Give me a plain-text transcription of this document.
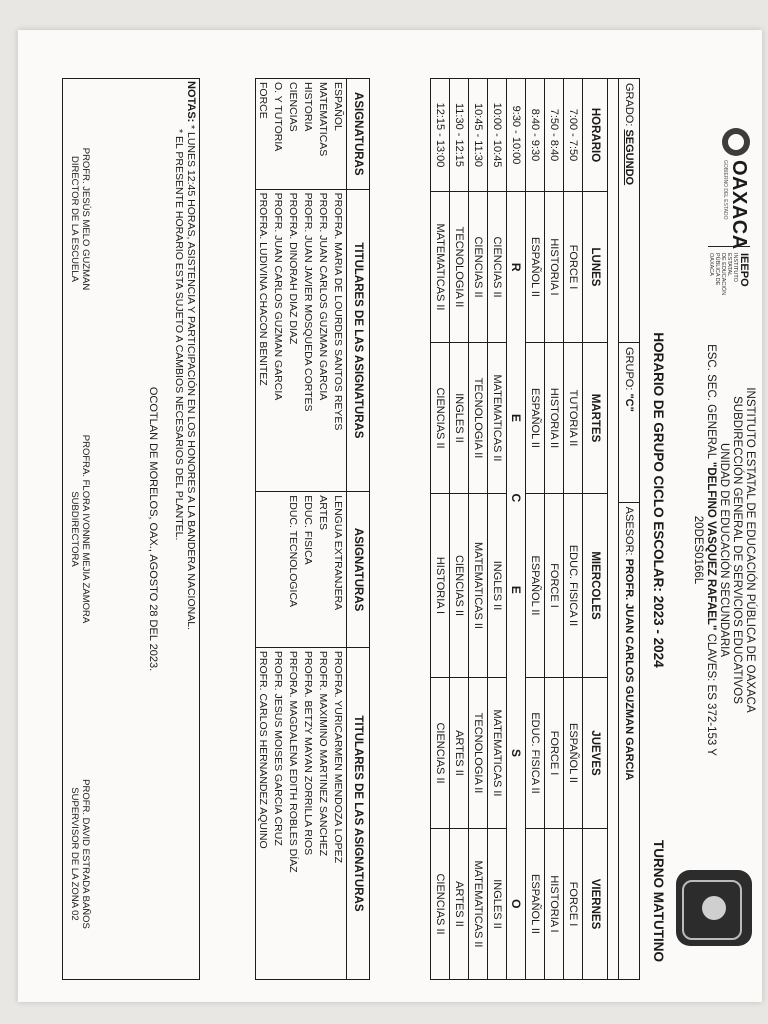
OAXACA
GOBIERNO DEL ESTADO
IEEPO
INSTITUTO ESTATAL
DE EDUCACIÓN PÚBLICA DE OAXACA
INSTITUTO ESTATAL DE EDUCACIÓN PÚBLICA DE OAXACA
SUBDIRECCIÓN GENERAL DE SERVICIOS EDUCATIVOS
UNIDAD DE EDUCACIÓN SECUNDARIA
ESC. SEC. GENERAL "DELFINO VASQUEZ RAFAEL" CLAVES: ES 372-153 Y 20DES0166L
HORARIO DE GRUPO CICLO ESCOLAR: 2023 - 2024
TURNO MATUTINO
GRADO: SEGUNDO		GRUPO: "C"		ASESOR: PROFR. JUAN CARLOS GUZMAN GARCIA		

HORARIO	LUNES	MARTES	MIERCOLES		JUEVES	VIERNES
7:00 - 7:50	FORCE I	TUTORIA II	EDUC. FISICA II		ESPAÑOL II	FORCE I
7:50 - 8:40	HISTORIA I	HISTORIA II	FORCE I		FORCE I	HISTORIA I
8:40 - 9:30	ESPAÑOL II	ESPAÑOL II	ESPAÑOL II		EDUC. FISICA II	ESPAÑOL II
9:30 - 10:00	R	E	C	E	S	O
10:00 - 10:45	CIENCIAS II	MATEMATICAS II	INGLES II		MATEMATICAS II	INGLES II
10:45 - 11:30	CIENCIAS II	TECNOLOGIA II	MATEMATICAS II		TECNOLOGIA II	MATEMATICAS II
11:30 - 12:15	TECNOLOGIA II	INGLES II	CIENCIAS II		ARTES II	ARTES II
12:15 - 13:00	MATEMATICAS II	CIENCIAS II	HISTORIA I		CIENCIAS II	CIENCIAS II
ASIGNATURAS	TITULARES DE LAS ASIGNATURAS	ASIGNATURAS	TITULARES DE LAS ASIGNATURAS
ESPAÑOL	PROFRA. MARIA DE LOURDES SANTOS REYES	LENGUA EXTRANJERA	PROFRA. YURICARMEN MENDOZA LOPEZ
MATEMATICAS	PROFR. JUAN CARLOS GUZMAN GARCIA	ARTES	PROFR. MAXIMINO MARTINEZ SANCHEZ
HISTORIA	PROFR. JUAN JAVIER MOSQUEDA CORTES	EDUC. FISICA	PROFRA. BETZY MAYAN ZORRILLA RIOS
CIENCIAS	PROFRA. DINORAH DIAZ DIAZ	EDUC. TECNOLOGICA	PRFORA. MAGDALENA EDITH ROBLES DÍAZ
O. Y TUTORIA	PROFR. JUAN CARLOS GUZMAN GARCIA		PROFR. JESUS MOISES GARCIA CRUZ
FORCE	PROFRA. LUDIVINA CHACON BENITEZ		PROFR. CARLOS HERNANDEZ AQUINO
NOTAS:
* LUNES 12:45 HORAS, ASISTENCIA Y PARTICIPACIÓN EN LOS HONORES A LA BANDERA NACIONAL.
* EL PRESENTE HORARIO ESTA SUJETO A CAMBIOS NECESARIOS DEL PLANTEL.
OCOTLAN DE MORELOS, OAX., AGOSTO 28 DEL 2023.
PROFR. JESÚS MELO GUZMAN
DIRECTOR DE LA ESCUELA
PROFRA. FLORA IVONNE MEJIA ZAMORA
SUBDIRECTORA
PROFR. DAVID ESTRADA BAÑOS
SUPERVISOR DE LA ZONA 02
